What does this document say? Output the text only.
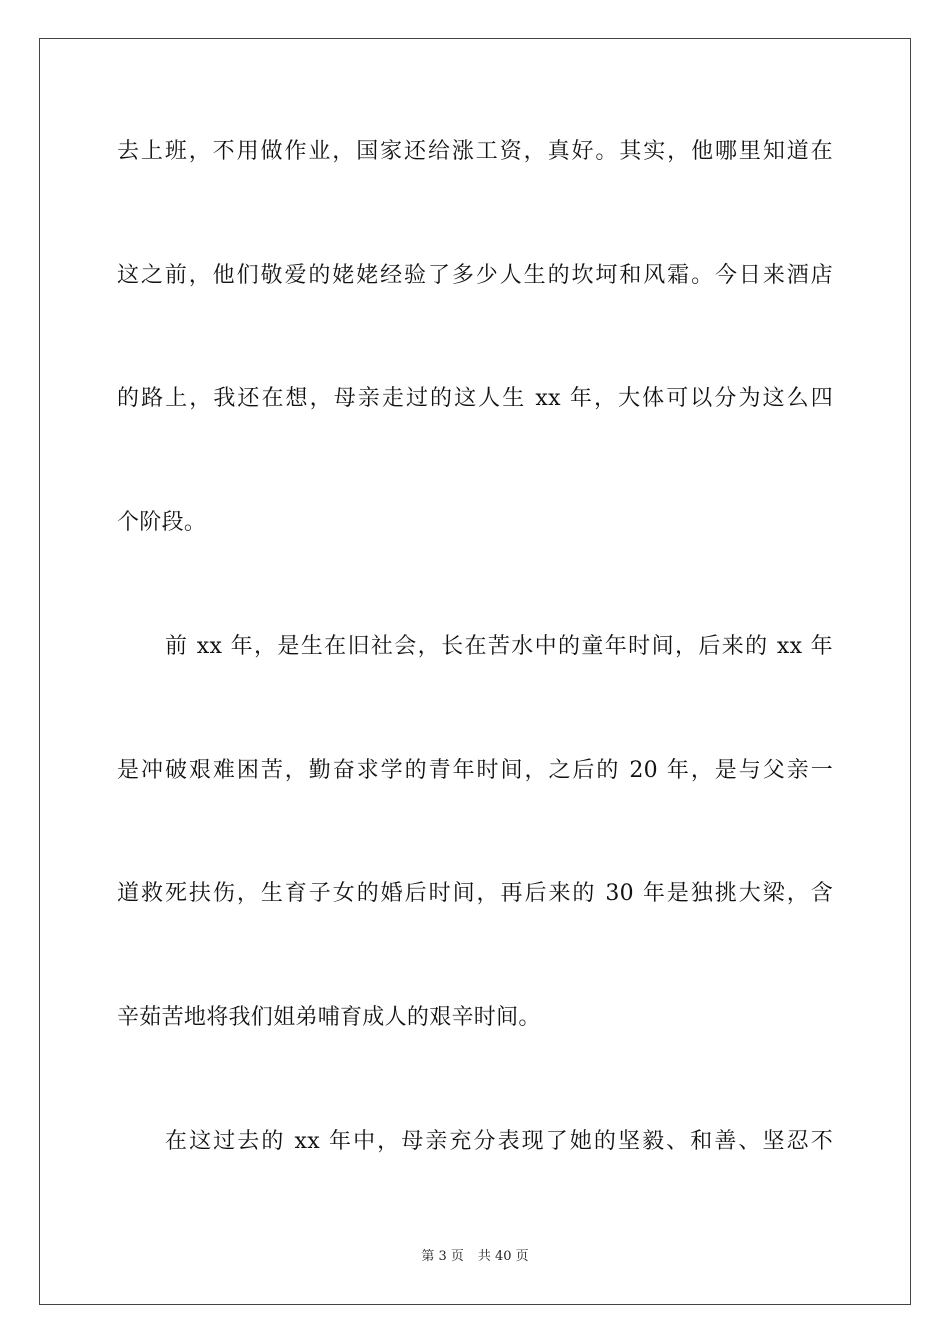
去上班，不用做作业，国家还给涨工资，真好。其实，他哪里知道在
这之前，他们敬爱的姥姥经验了多少人生的坎坷和风霜。今日来酒店
的路上，我还在想，母亲走过的这人生 xx 年，大体可以分为这么四
个阶段。
前 xx 年，是生在旧社会，长在苦水中的童年时间，后来的 xx 年
是冲破艰难困苦，勤奋求学的青年时间，之后的 20 年，是与父亲一
道救死扶伤，生育子女的婚后时间，再后来的 30 年是独挑大梁，含
辛茹苦地将我们姐弟哺育成人的艰辛时间。
在这过去的 xx 年中，母亲充分表现了她的坚毅、和善、坚忍不
第 3 页 共 40 页
